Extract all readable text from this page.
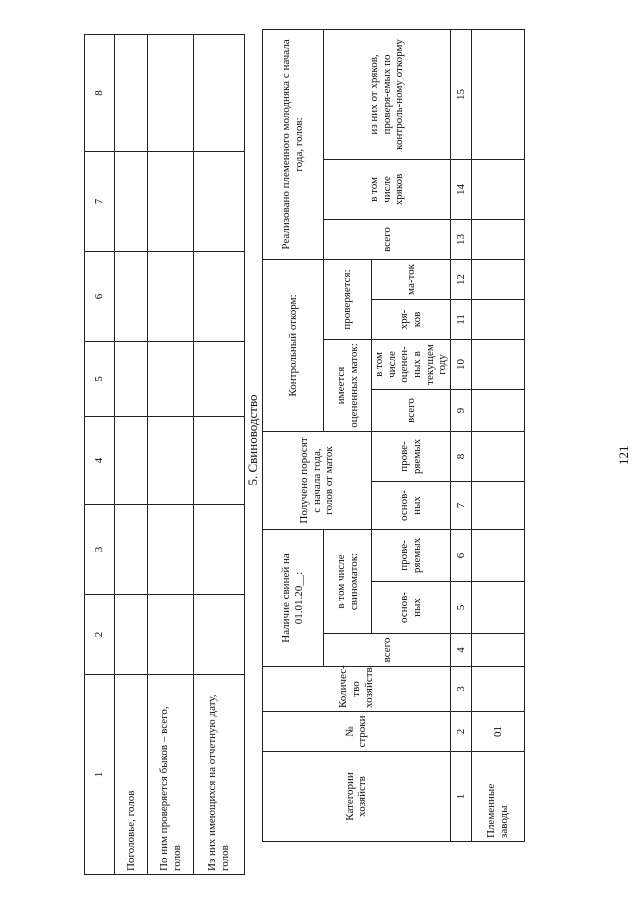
121
1	2	3	4	5	6	7	8
Поголовье, голов							
По ним проверяется быков – всего, голов							
Из них имеющихся на отчетную дату, голов							
5. Свиноводство
Категории хозяйств	№ строки	Количес-тво хозяйств	Наличие свиней на 01.01.20__:			Получено поросят с начала года, голов от маток		Контрольный откорм:				Реализовано племенного молодняка с начала года, голов:		
			всего	в том числе свиноматок:				имеется оцененных маток:		проверяется:		всего	в том числе хряков	из них от хряков, проверя-емых по контроль-ному откорму
				основ-ных	прове-ряемых	основ-ных	прове-ряемых	всего	в том числе оценен-ных в текущем году	хря-ков	ма-ток			
1	2	3	4	5	6	7	8	9	10	11	12	13	14	15
Племенные заводы	01													
